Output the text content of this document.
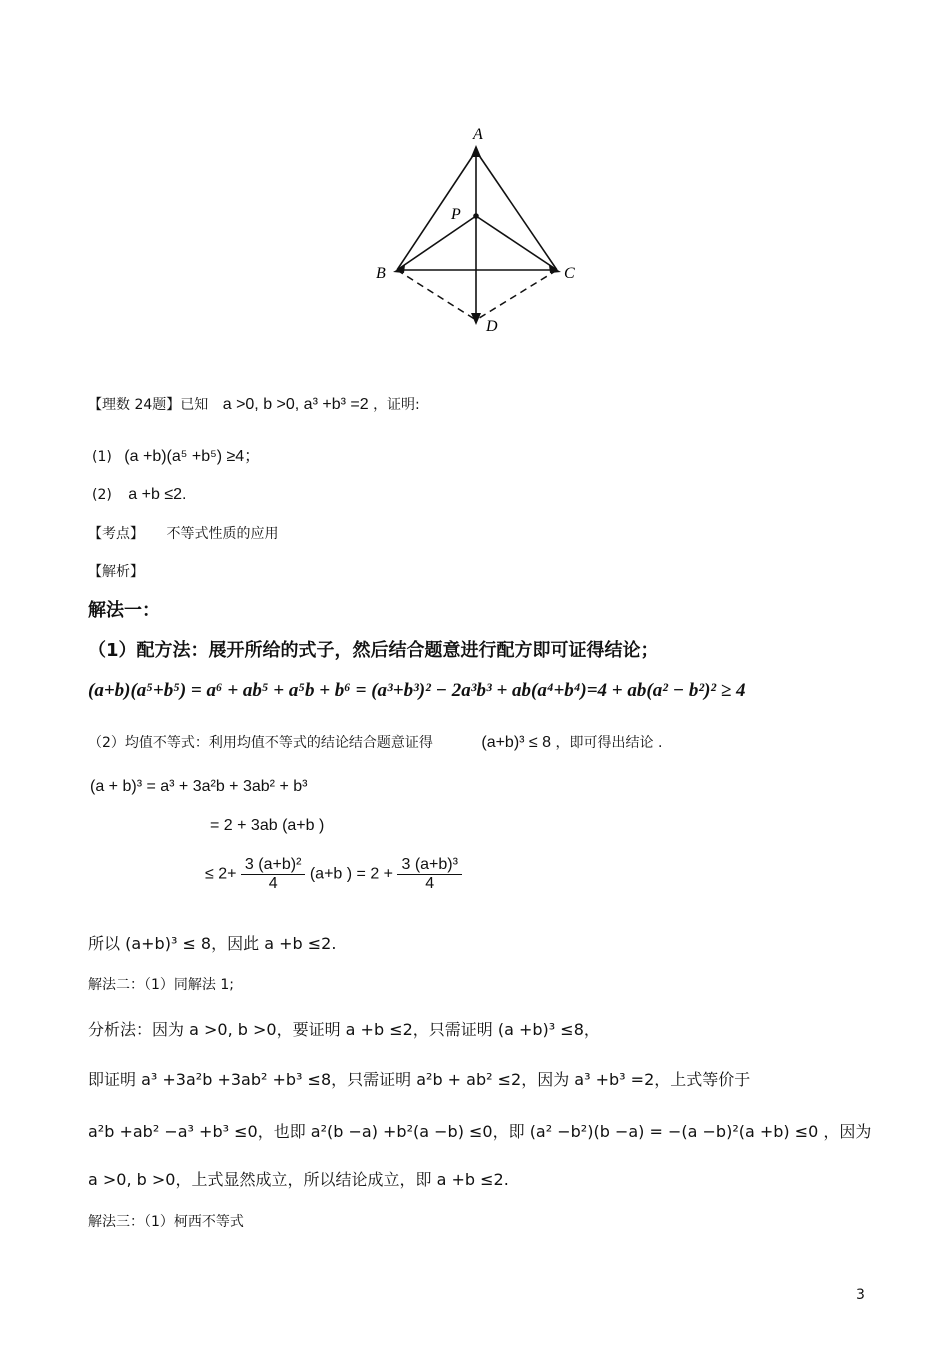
A
P
B	C
D
【理数 24题】已知 a >0, b >0, a³ +b³ =2 ，证明:
(1) (a +b)(a⁵ +b⁵) ≥4；
(2) a +b ≤2.
【考点】 不等式性质的应用
【解析】
解法一：
（1）配方法：展开所给的式子，然后结合题意进行配方即可证得结论；
(a+b)(a⁵+b⁵) = a⁶ + ab⁵ + a⁵b + b⁶ = (a³+b³)² − 2a³b³ + ab(a⁴+b⁴)=4 + ab(a² − b²)² ≥ 4
（2）均值不等式：利用均值不等式的结论结合题意证得	(a+b)³ ≤ 8 ，即可得出结论 .
(a + b)³ = a³ + 3a²b + 3ab² + b³
= 2 + 3ab (a+b )
≤ $2+ \frac{\text{3 (a+b)²}}{4} (a+b$ ) = $2 + \frac{\text{3 (a+b)³}}{4}$
所以 (a+b)³ ≤ 8，因此 a +b ≤2.
解法二：（1）同解法 1;
分析法：因为 a >0, b >0，要证明 a +b ≤2，只需证明 (a +b)³ ≤8，
即证明 a³ +3a²b +3ab² +b³ ≤8，只需证明 a²b + ab² ≤2，因为 a³ +b³ =2，上式等价于
a²b +ab² −a³ +b³ ≤0，也即 a²(b −a) +b²(a −b) ≤0，即 (a² −b²)(b −a) = −(a −b)²(a +b) ≤0 ，因为
a >0, b >0，上式显然成立，所以结论成立，即 a +b ≤2.
解法三：（1）柯西不等式
3
